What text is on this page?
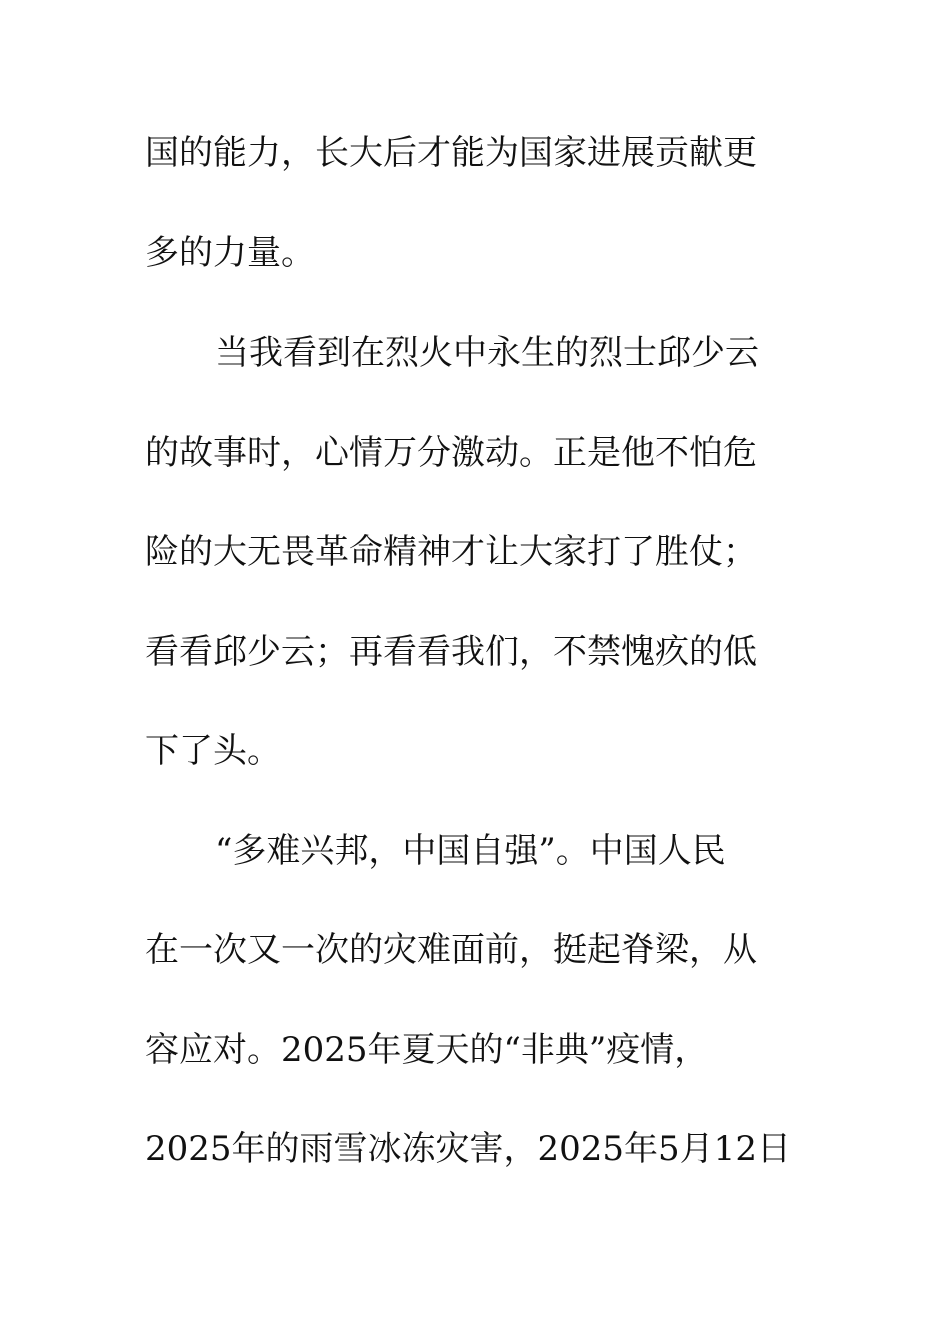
国的能力，长大后才能为国家进展贡献更
多的力量。
当我看到在烈火中永生的烈士邱少云
的故事时，心情万分激动。正是他不怕危
险的大无畏革命精神才让大家打了胜仗；
看看邱少云；再看看我们，不禁愧疚的低
下了头。
“多难兴邦，中国自强”。中国人民
在一次又一次的灾难面前，挺起脊梁，从
容应对。2025年夏天的“非典”疫情，
2025年的雨雪冰冻灾害，2025年5月12日
